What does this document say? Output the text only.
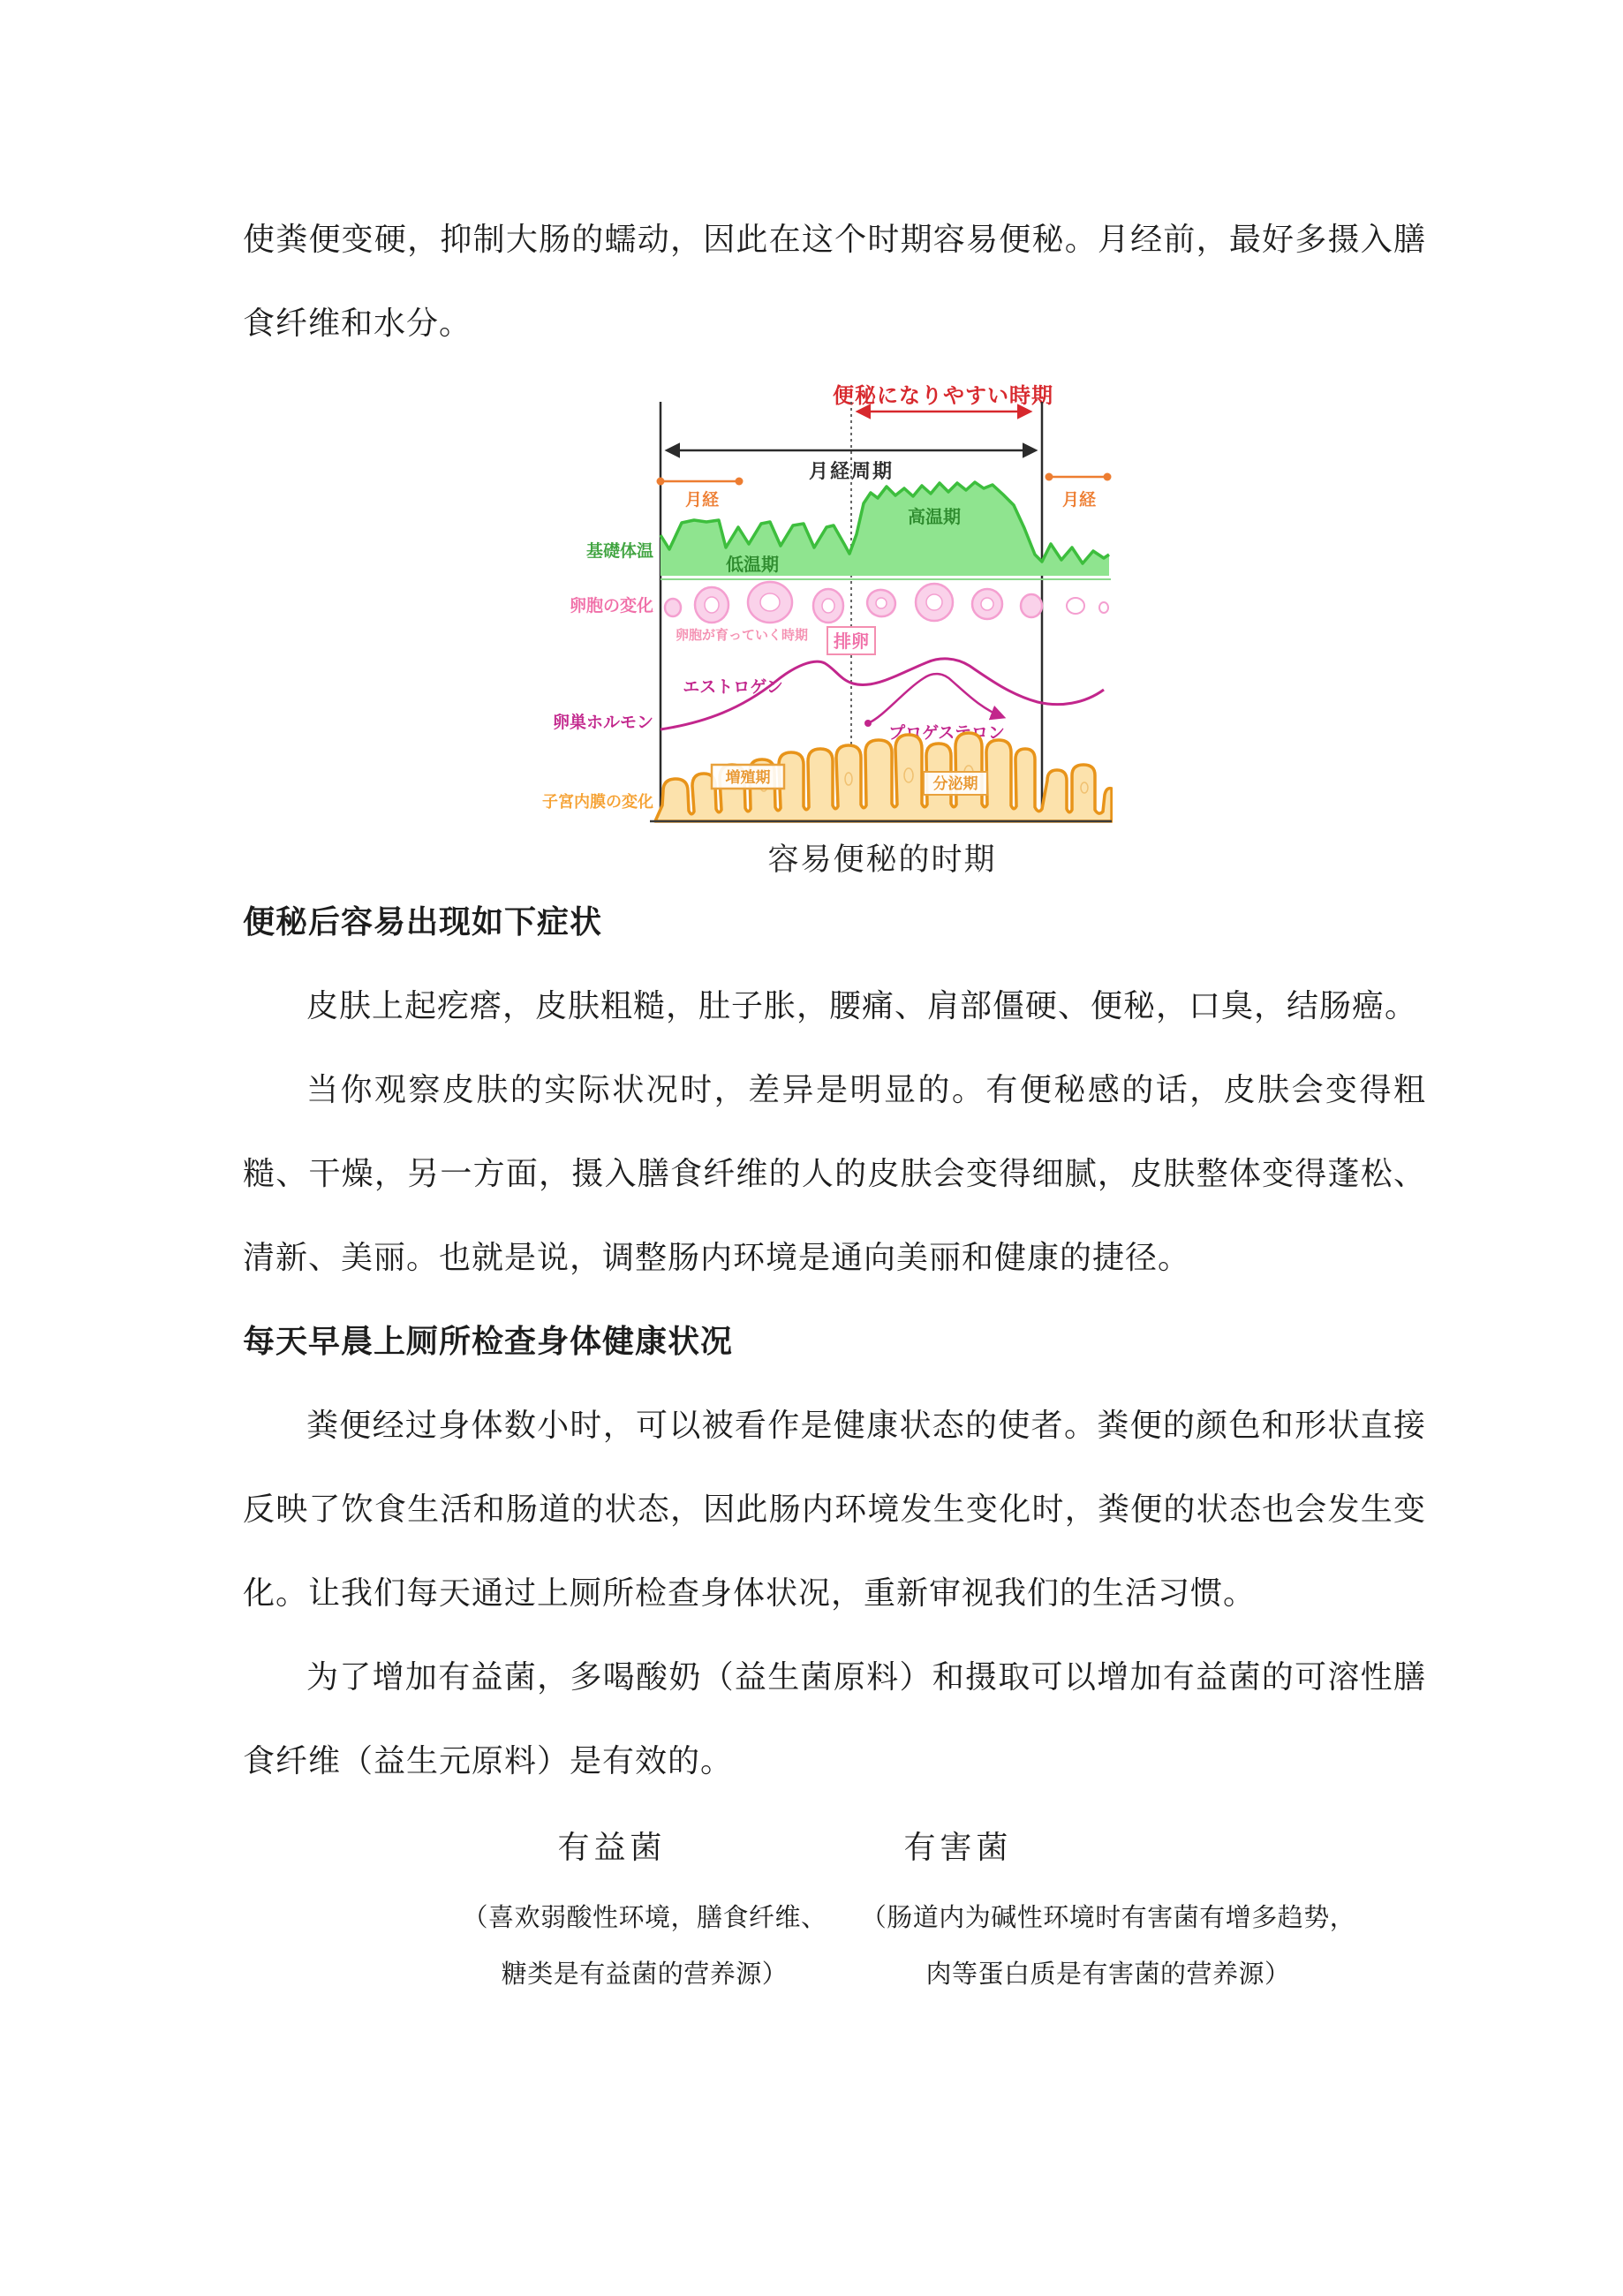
使粪便变硬，抑制大肠的蠕动，因此在这个时期容易便秘。月经前，最好多摄入膳食纤维和水分。

便秘になりやすい時期
月経周期
月経	月経
基礎体温
低温期
高温期
卵胞の変化
卵胞が育っていく時期 排卵
エストロゲン
卵巣ホルモン
プロゲステロン
増殖期	分泌期
子宮内膜の変化
容易便秘的时期
便秘后容易出现如下症状

皮肤上起疙瘩，皮肤粗糙，肚子胀，腰痛、肩部僵硬、便秘，口臭，结肠癌。

当你观察皮肤的实际状况时，差异是明显的。有便秘感的话，皮肤会变得粗糙、干燥，另一方面，摄入膳食纤维的人的皮肤会变得细腻，皮肤整体变得蓬松、清新、美丽。也就是说，调整肠内环境是通向美丽和健康的捷径。

每天早晨上厕所检查身体健康状况

粪便经过身体数小时，可以被看作是健康状态的使者。粪便的颜色和形状直接反映了饮食生活和肠道的状态，因此肠内环境发生变化时，粪便的状态也会发生变化。让我们每天通过上厕所检查身体状况，重新审视我们的生活习惯。

为了增加有益菌，多喝酸奶（益生菌原料）和摄取可以增加有益菌的可溶性膳食纤维（益生元原料）是有效的。

有益菌	有害菌
（喜欢弱酸性环境，膳食纤维、
糖类是有益菌的营养源）
（肠道内为碱性环境时有害菌有增多趋势，
肉等蛋白质是有害菌的营养源）
